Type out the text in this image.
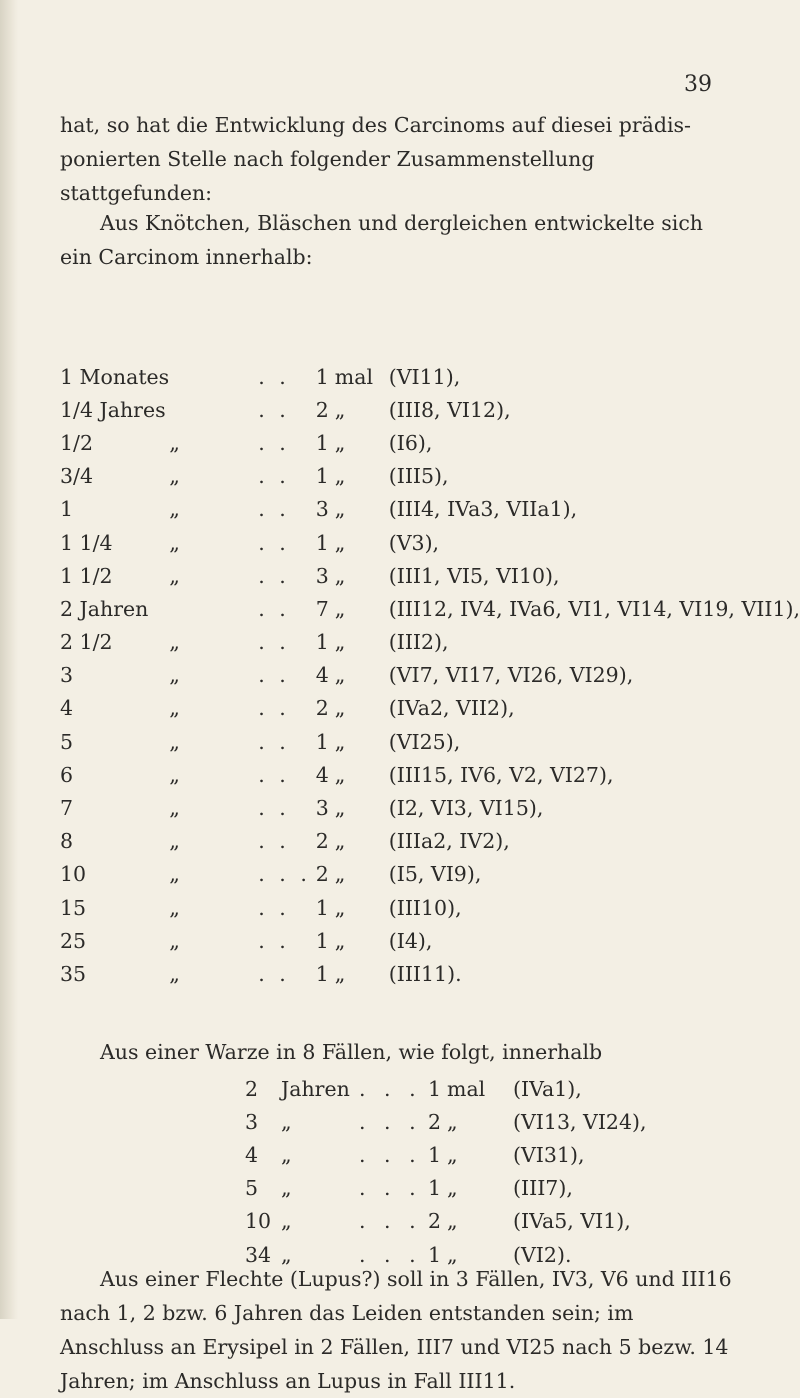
39

hat, so hat die Entwicklung des Carcinoms auf diesei prädis-ponierten Stelle nach folgender Zusammenstellung stattgefunden:

Aus Knötchen, Bläschen und dergleichen entwickelte sich ein Carcinom innerhalb:

1 Monates		. .	1	mal	(VI11),
1/4 Jahres		. .	2	„	(III8, VI12),
1/2	„	. .	1	„	(I6),
3/4	„	. .	1	„	(III5),
1	„	. .	3	„	(III4, IVa3, VIIa1),
1 1/4	„	. .	1	„	(V3),
1 1/2	„	. .	3	„	(III1, VI5, VI10),
2 Jahren		. .	7	„	(III12, IV4, IVa6, VI1, VI14, VI19, VII1),
2 1/2	„	. .	1	„	(III2),
3	„	. .	4	„	(VI7, VI17, VI26, VI29),
4	„	. .	2	„	(IVa2, VII2),
5	„	. .	1	„	(VI25),
6	„	. .	4	„	(III15, IV6, V2, VI27),
7	„	. .	3	„	(I2, VI3, VI15),
8	„	. .	2	„	(IIIa2, IV2),
10	„	. . .	2	„	(I5, VI9),
15	„	. .	1	„	(III10),
25	„	. .	1	„	(I4),
35	„	. .	1	„	(III11).
Aus einer Warze in 8 Fällen, wie folgt, innerhalb
2	Jahren	. . .	1	mal	(IVa1),
3	„	. . .	2	„	(VI13, VI24),
4	„	. . .	1	„	(VI31),
5	„	. . .	1	„	(III7),
10	„	. . .	2	„	(IVa5, VI1),
34	„	. . .	1	„	(VI2).

Aus einer Flechte (Lupus?) soll in 3 Fällen, IV3, V6 und III16 nach 1, 2 bzw. 6 Jahren das Leiden entstanden sein; im Anschluss an Erysipel in 2 Fällen, III7 und VI25 nach 5 bezw. 14 Jahren; im Anschluss an Lupus in Fall III11.
